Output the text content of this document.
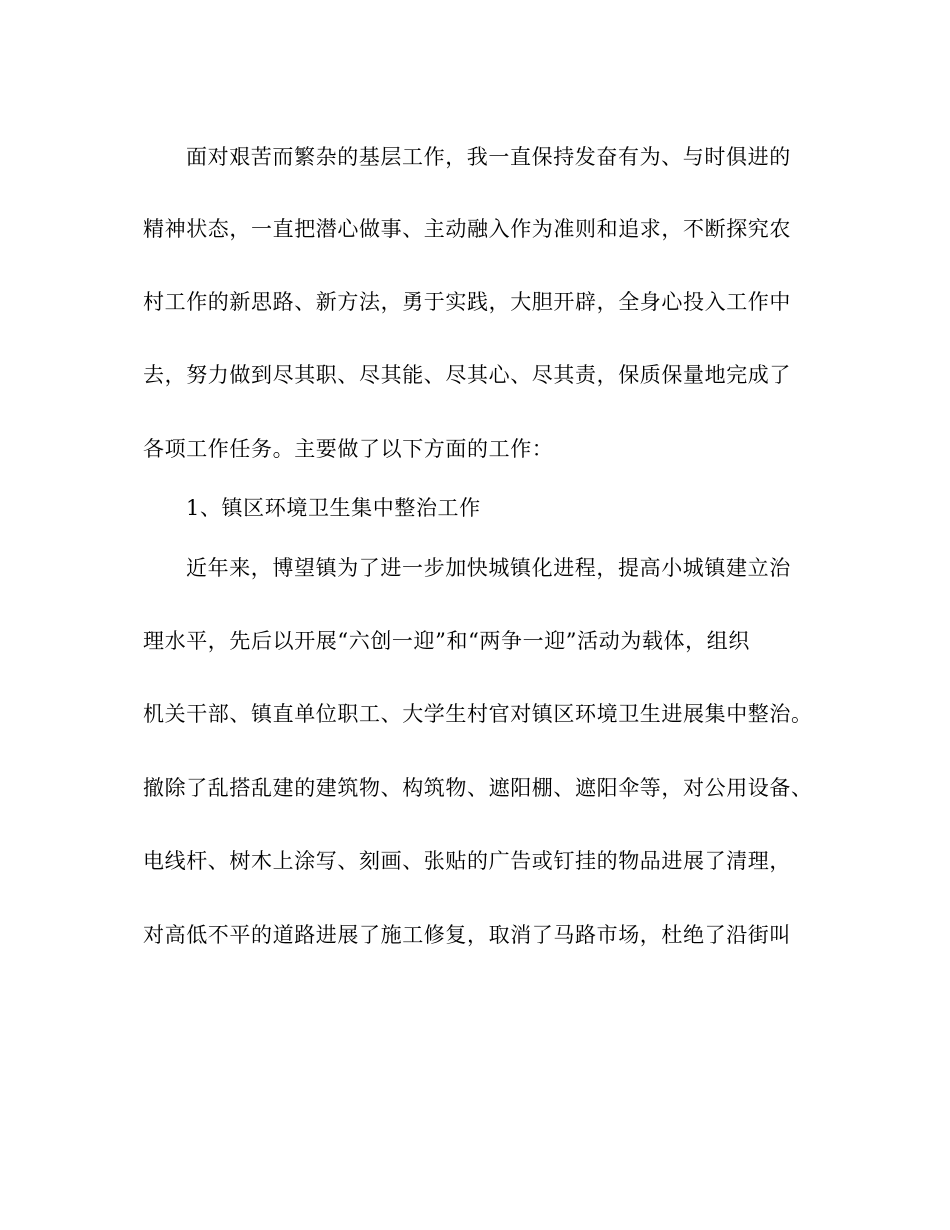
面对艰苦而繁杂的基层工作，我一直保持发奋有为、与时俱进的
精神状态，一直把潜心做事、主动融入作为准则和追求，不断探究农
村工作的新思路、新方法，勇于实践，大胆开辟，全身心投入工作中
去，努力做到尽其职、尽其能、尽其心、尽其责，保质保量地完成了
各项工作任务。主要做了以下方面的工作：
1、镇区环境卫生集中整治工作
近年来，博望镇为了进一步加快城镇化进程，提高小城镇建立治
理水平，先后以开展“六创一迎”和“两争一迎”活动为载体，组织
机关干部、镇直单位职工、大学生村官对镇区环境卫生进展集中整治。
撤除了乱搭乱建的建筑物、构筑物、遮阳棚、遮阳伞等，对公用设备、
电线杆、树木上涂写、刻画、张贴的广告或钉挂的物品进展了清理，
对高低不平的道路进展了施工修复，取消了马路市场，杜绝了沿街叫
